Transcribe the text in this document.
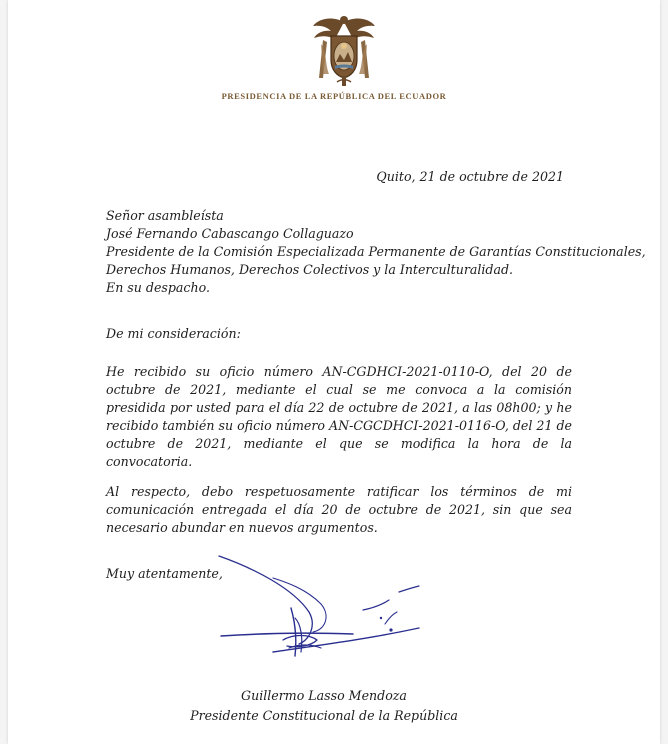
PRESIDENCIA DE LA REPÚBLICA DEL ECUADOR
Quito, 21 de octubre de 2021
Señor asambleísta
José Fernando Cabascango Collaguazo
Presidente de la Comisión Especializada Permanente de Garantías Constitucionales,
Derechos Humanos, Derechos Colectivos y la Interculturalidad.
En su despacho.
De mi consideración:
He recibido su oficio número AN-CGDHCI-2021-0110-O, del 20 de octubre de 2021, mediante el cual se me convoca a la comisión presidida por usted para el día 22 de octubre de 2021, a las 08h00; y he recibido también su oficio número AN-CGCDHCI-2021-0116-O, del 21 de octubre de 2021, mediante el que se modifica la hora de la convocatoria.
Al respecto, debo respetuosamente ratificar los términos de mi comunicación entregada el día 20 de octubre de 2021, sin que sea necesario abundar en nuevos argumentos.
Muy atentamente,
Guillermo Lasso Mendoza
Presidente Constitucional de la República
